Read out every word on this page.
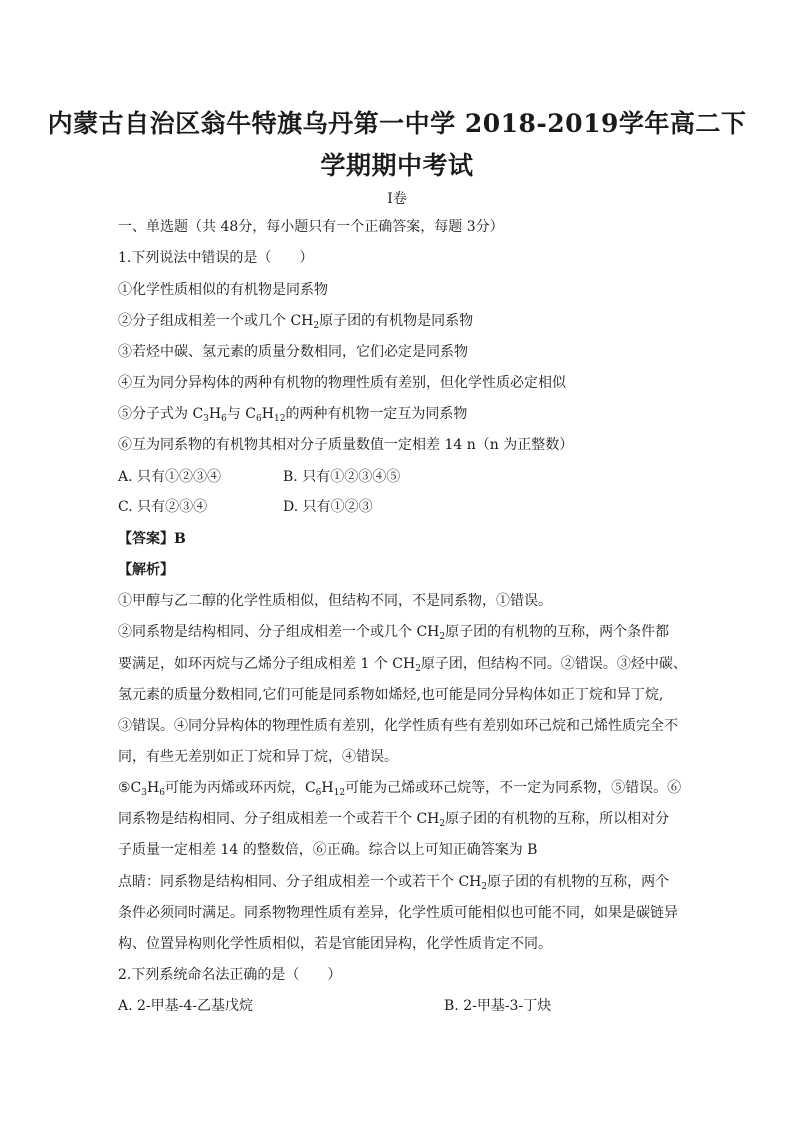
内蒙古自治区翁牛特旗乌丹第一中学 2018-2019学年高二下
学期期中考试
I卷
一、单选题（共 48分，每小题只有一个正确答案，每题 3分）
1.下列说法中错误的是（　　）
①化学性质相似的有机物是同系物
②分子组成相差一个或几个 $CH_2$原子团的有机物是同系物
③若烃中碳、氢元素的质量分数相同，它们必定是同系物
④互为同分异构体的两种有机物的物理性质有差别，但化学性质必定相似
⑤分子式为 $C_3H_6$与 $C_6H_{12}$的两种有机物一定互为同系物
⑥互为同系物的有机物其相对分子质量数值一定相差 14 n（n 为正整数）
A. 只有①②③④	B. 只有①②③④⑤
C. 只有②③④	D. 只有①②③
【答案】B
【解析】
①甲醇与乙二醇的化学性质相似，但结构不同，不是同系物，①错误。
②同系物是结构相同、分子组成相差一个或几个 $CH_2$原子团的有机物的互称，两个条件都
要满足，如环丙烷与乙烯分子组成相差 1 个 $CH_2$原子团，但结构不同。②错误。③烃中碳、
氢元素的质量分数相同,它们可能是同系物如烯烃,也可能是同分异构体如正丁烷和异丁烷,
③错误。④同分异构体的物理性质有差别，化学性质有些有差别如环己烷和己烯性质完全不
同，有些无差别如正丁烷和异丁烷，④错误。
$⑤C_3H_6$可能为丙烯或环丙烷，$C_6H_{12}$可能为己烯或环己烷等，不一定为同系物，⑤错误。⑥
同系物是结构相同、分子组成相差一个或若干个 $CH_2$原子团的有机物的互称，所以相对分
子质量一定相差 14 的整数倍，⑥正确。综合以上可知正确答案为 B
点睛：同系物是结构相同、分子组成相差一个或若干个 $CH_2$原子团的有机物的互称，两个
条件必须同时满足。同系物物理性质有差异，化学性质可能相似也可能不同，如果是碳链异
构、位置异构则化学性质相似，若是官能团异构，化学性质肯定不同。
2.下列系统命名法正确的是（　　）
A. 2-甲基-4-乙基戊烷	B. 2-甲基-3-丁炔
